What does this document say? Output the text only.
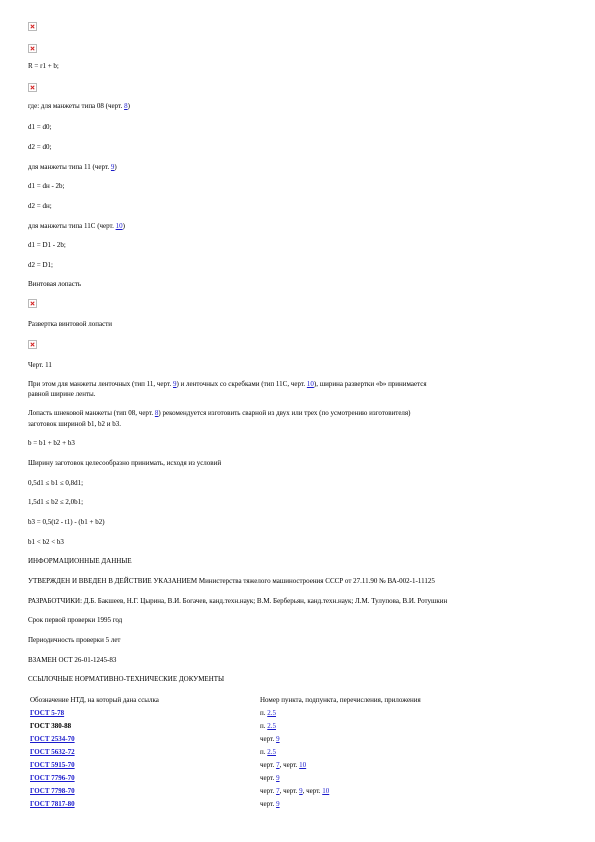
R = r1 + b;
где: для манжеты типа 08 (черт. 8)
d1 = d0;
d2 = d0;
для манжеты типа 11 (черт. 9)
d1 = dн - 2b;
d2 = dн;
для манжеты типа 11С (черт. 10)
d1 = D1 - 2b;
d2 = D1;
Винтовая лопасть
Развертка винтовой лопасти
Черт. 11
При этом для манжеты ленточных (тип 11, черт. 9) и ленточных со скребками (тип 11С, черт. 10), ширина развертки «b» принимается
равной ширине ленты.
Лопасть шнековой манжеты (тип 08, черт. 8) рекомендуется изготовить сварной из двух или трех (по усмотрению изготовителя)
заготовок шириной b1, b2 и b3.
b = b1 + b2 + b3
Ширину заготовок целесообразно принимать, исходя из условий
0,5d1 ≤ b1 ≤ 0,8d1;
1,5d1 ≤ b2 ≤ 2,0b1;
b3 = 0,5(t2 - t1) - (b1 + b2)
b1 < b2 < b3
ИНФОРМАЦИОННЫЕ ДАННЫЕ
УТВЕРЖДЕН И ВВЕДЕН В ДЕЙСТВИЕ УКАЗАНИЕМ Министерства тяжелого машиностроения СССР от 27.11.90 № ВА-002-1-11125
РАЗРАБОТЧИКИ: Д.Б. Бакшеев, Н.Г. Цырина, В.И. Богачев, канд.техн.наук; В.М. Берберьян, канд.техн.наук; Л.М. Тулупова, В.И. Ротушкин
Срок первой проверки 1995 год
Периодичность проверки 5 лет
ВЗАМЕН ОСТ 26-01-1245-83
ССЫЛОЧНЫЕ НОРМАТИВНО-ТЕХНИЧЕСКИЕ ДОКУМЕНТЫ
Обозначение НТД, на который дана ссылка	Номер пункта, подпункта, перечисления, приложения
ГОСТ 5-78	п. 2.5
ГОСТ 380-88	п. 2.5
ГОСТ 2534-70	черт. 9
ГОСТ 5632-72	п. 2.5
ГОСТ 5915-70	черт. 7, черт. 10
ГОСТ 7796-70	черт. 9
ГОСТ 7798-70	черт. 7, черт. 9, черт. 10
ГОСТ 7817-80	черт. 9
